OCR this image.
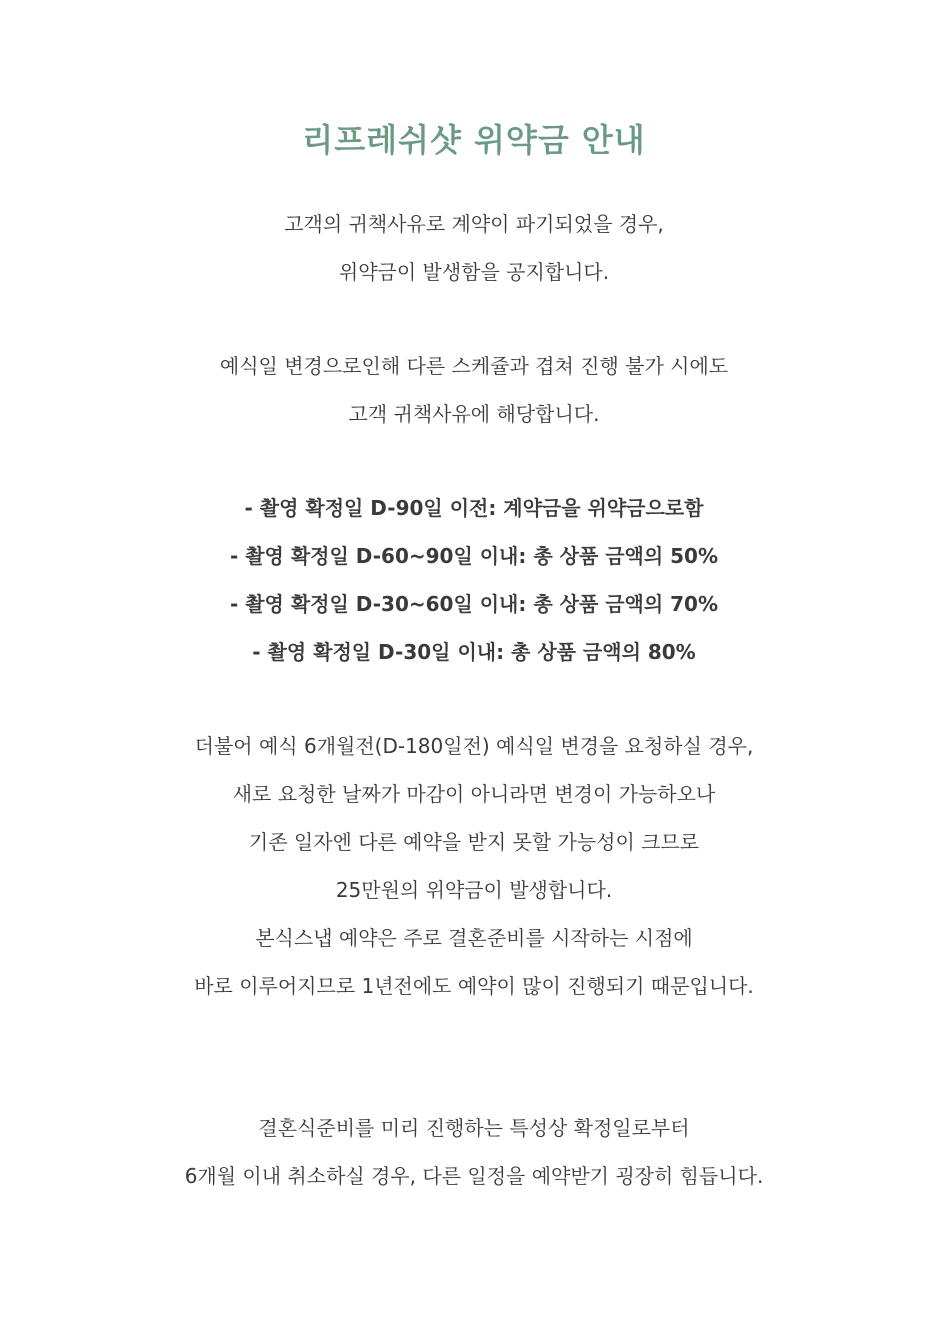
리프레쉬샷 위약금 안내
고객의 귀책사유로 계약이 파기되었을 경우,
위약금이 발생함을 공지합니다.
예식일 변경으로인해 다른 스케쥴과 겹쳐 진행 불가 시에도
고객 귀책사유에 해당합니다.
- 촬영 확정일 D-90일 이전: 계약금을 위약금으로함
- 촬영 확정일 D-60~90일 이내: 총 상품 금액의 50%
- 촬영 확정일 D-30~60일 이내: 총 상품 금액의 70%
- 촬영 확정일 D-30일 이내: 총 상품 금액의 80%
더불어 예식 6개월전(D-180일전) 예식일 변경을 요청하실 경우,
새로 요청한 날짜가 마감이 아니라면 변경이 가능하오나
기존 일자엔 다른 예약을 받지 못할 가능성이 크므로
25만원의 위약금이 발생합니다.
본식스냅 예약은 주로 결혼준비를 시작하는 시점에
바로 이루어지므로 1년전에도 예약이 많이 진행되기 때문입니다.
결혼식준비를 미리 진행하는 특성상 확정일로부터
6개월 이내 취소하실 경우, 다른 일정을 예약받기 굉장히 힘듭니다.
